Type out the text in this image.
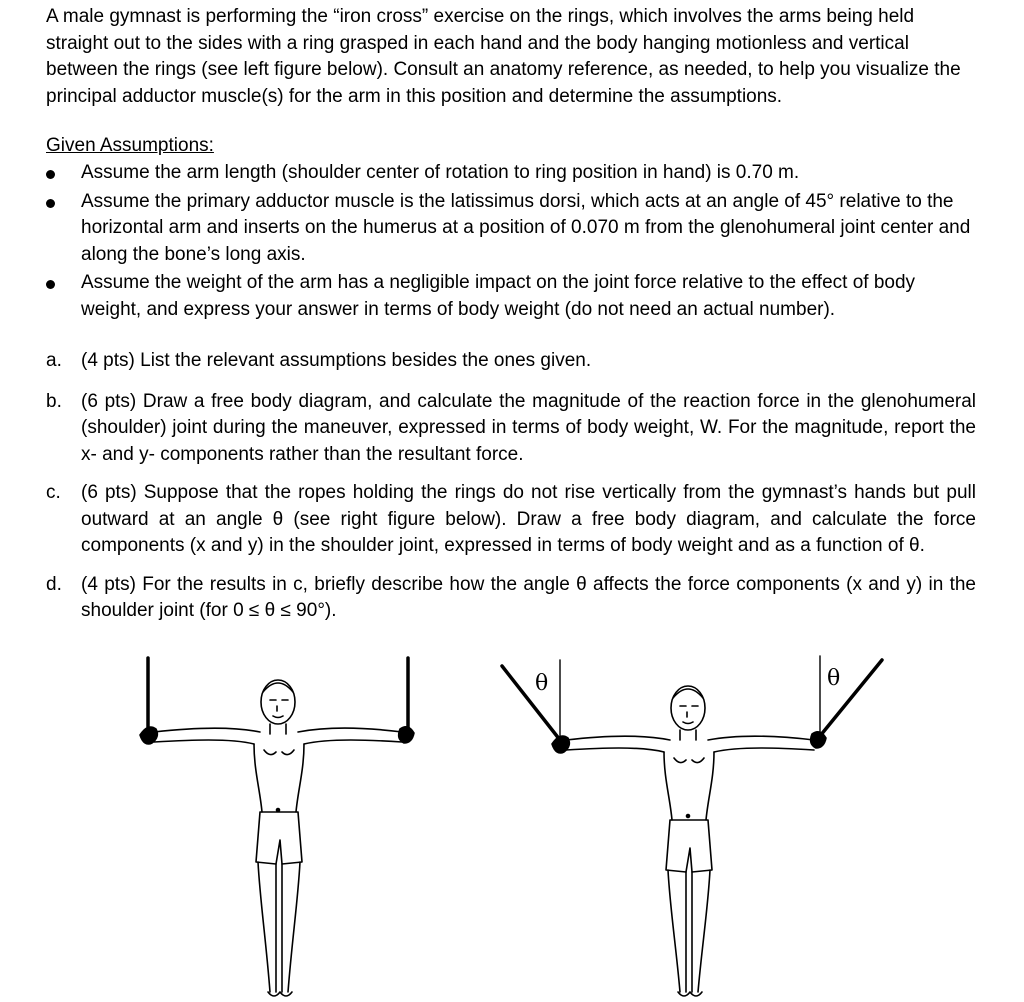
A male gymnast is performing the “iron cross” exercise on the rings, which involves the arms being held straight out to the sides with a ring grasped in each hand and the body hanging motionless and vertical between the rings (see left figure below). Consult an anatomy reference, as needed, to help you visualize the principal adductor muscle(s) for the arm in this position and determine the assumptions.

Given Assumptions:

Assume the arm length (shoulder center of rotation to ring position in hand) is 0.70 m.
Assume the primary adductor muscle is the latissimus dorsi, which acts at an angle of 45° relative to the horizontal arm and inserts on the humerus at a position of 0.070 m from the glenohumeral joint center and along the bone’s long axis.
Assume the weight of the arm has a negligible impact on the joint force relative to the effect of body weight, and express your answer in terms of body weight (do not need an actual number).
a. (4 pts) List the relevant assumptions besides the ones given.
b. (6 pts) Draw a free body diagram, and calculate the magnitude of the reaction force in the glenohumeral (shoulder) joint during the maneuver, expressed in terms of body weight, W. For the magnitude, report the x- and y- components rather than the resultant force.
c. (6 pts) Suppose that the ropes holding the rings do not rise vertically from the gymnast’s hands but pull outward at an angle θ (see right figure below). Draw a free body diagram, and calculate the force components (x and y) in the shoulder joint, expressed in terms of body weight and as a function of θ.
d. (4 pts) For the results in c, briefly describe how the angle θ affects the force components (x and y) in the shoulder joint (for 0 ≤ θ ≤ 90°).
θ	θ
